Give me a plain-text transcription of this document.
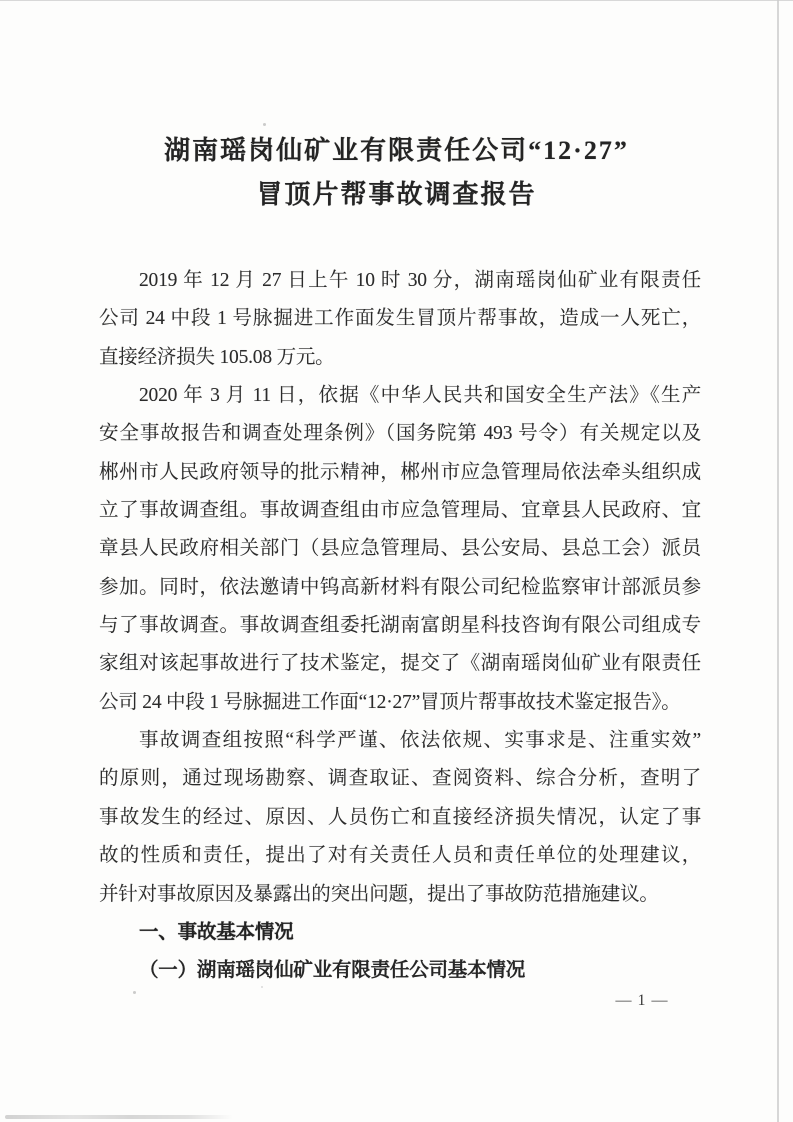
湖南瑶岗仙矿业有限责任公司“12·27”
冒顶片帮事故调查报告
2019 年 12 月 27 日上午 10 时 30 分，湖南瑶岗仙矿业有限责任
公司 24 中段 1 号脉掘进工作面发生冒顶片帮事故，造成一人死亡，
直接经济损失 105.08 万元。
2020 年 3 月 11 日，依据《中华人民共和国安全生产法》《生产
安全事故报告和调查处理条例》（国务院第 493 号令）有关规定以及
郴州市人民政府领导的批示精神，郴州市应急管理局依法牵头组织成
立了事故调查组。事故调查组由市应急管理局、宜章县人民政府、宜
章县人民政府相关部门（县应急管理局、县公安局、县总工会）派员
参加。同时，依法邀请中钨高新材料有限公司纪检监察审计部派员参
与了事故调查。事故调查组委托湖南富朗星科技咨询有限公司组成专
家组对该起事故进行了技术鉴定，提交了《湖南瑶岗仙矿业有限责任
公司 24 中段 1 号脉掘进工作面“12·27”冒顶片帮事故技术鉴定报告》。
事故调查组按照“科学严谨、依法依规、实事求是、注重实效”
的原则，通过现场勘察、调查取证、查阅资料、综合分析，查明了
事故发生的经过、原因、人员伤亡和直接经济损失情况，认定了事
故的性质和责任，提出了对有关责任人员和责任单位的处理建议，
并针对事故原因及暴露出的突出问题，提出了事故防范措施建议。
一、事故基本情况
（一）湖南瑶岗仙矿业有限责任公司基本情况
— 1 —
